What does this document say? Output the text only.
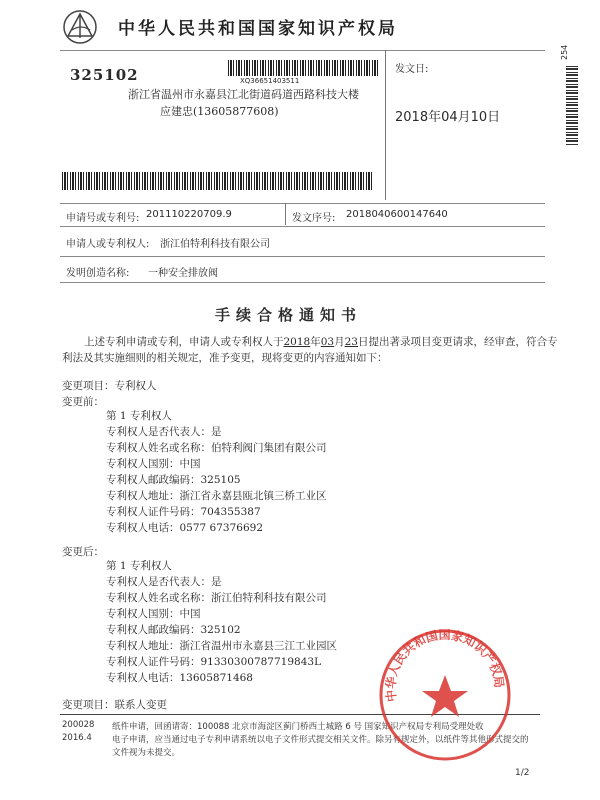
中华人民共和国国家知识产权局
325102	XQ36651403511
浙江省温州市永嘉县江北街道码道西路科技大楼
应建忠(13605877608)
发文日:
2018年04月10日
254
申请号或专利号: 201110220709.9	发文序号: 2018040600147640
申请人或专利权人: 浙江伯特利科技有限公司
发明创造名称: 一种安全排放阀
手续合格通知书
上述专利申请或专利，申请人或专利权人于2018年03月23日提出著录项目变更请求，经审查，符合专
利法及其实施细则的相关规定，准予变更，现将变更的内容通知如下：
变更项目：专利权人
变更前：
第 1 专利权人
专利权人是否代表人：是
专利权人姓名或名称：伯特利阀门集团有限公司
专利权人国别：中国
专利权人邮政编码：325105
专利权人地址：浙江省永嘉县瓯北镇三桥工业区
专利权人证件号码：704355387
专利权人电话：0577 67376692
变更后：
第 1 专利权人
专利权人是否代表人：是
专利权人姓名或名称：浙江伯特利科技有限公司
专利权人国别：中国
专利权人邮政编码：325102
专利权人地址：浙江省温州市永嘉县三江工业园区
专利权人证件号码：91330300787719843L
专利权人电话：13605871468
变更项目：联系人变更
200028
2016.4
纸件申请，回函请寄：100088 北京市海淀区蓟门桥西土城路 6 号 国家知识产权局专利局受理处收
电子申请，应当通过电子专利申请系统以电子文件形式提交相关文件。除另有规定外，以纸件等其他形式提交的
文件视为未提交。
1/2
中华人民共和国国家知识产权局
